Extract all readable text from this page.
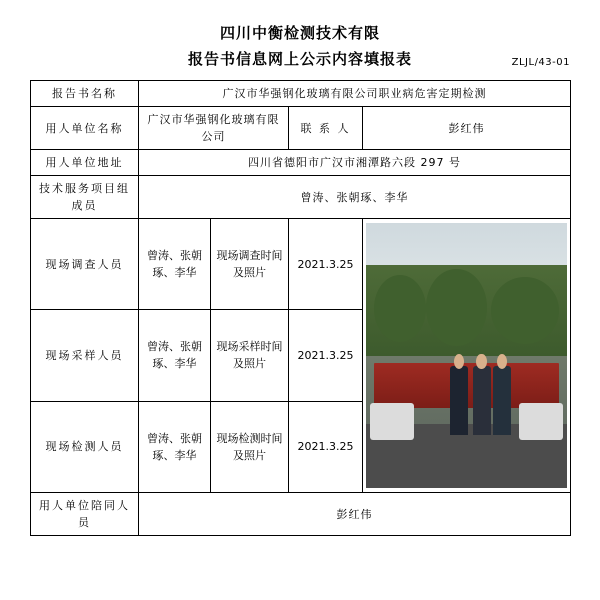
四川中衡检测技术有限
报告书信息网上公示内容填报表	ZLJL/43-01
报告书名称	广汉市华强钢化玻璃有限公司职业病危害定期检测			
用人单位名称	广汉市华强钢化玻璃有限公司		联 系 人	彭红伟
用人单位地址	四川省德阳市广汉市湘潭路六段 297 号			
技术服务项目组成员	曾涛、张朝琢、李华			
现场调查人员	曾涛、张朝琢、李华	现场调查时间及照片	2021.3.25	

现场采样人员	曾涛、张朝琢、李华	现场采样时间及照片	2021.3.25	
现场检测人员	曾涛、张朝琢、李华	现场检测时间及照片	2021.3.25	
用人单位陪同人员	彭红伟			
